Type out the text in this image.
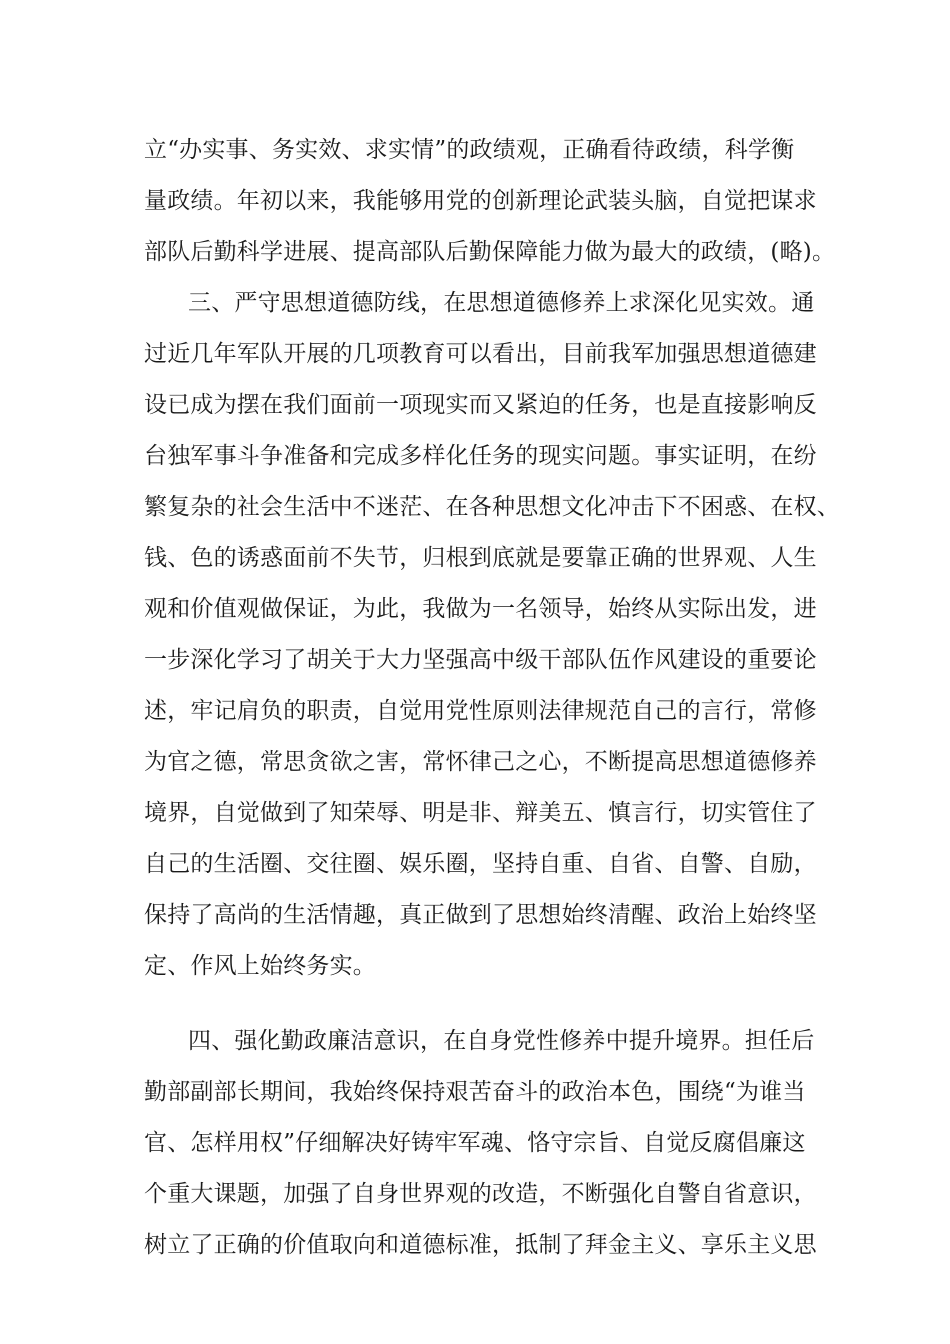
立“办实事、务实效、求实情”的政绩观，正确看待政绩，科学衡
量政绩。年初以来，我能够用党的创新理论武装头脑，自觉把谋求
部队后勤科学进展、提高部队后勤保障能力做为最大的政绩，(略)。
三、严守思想道德防线，在思想道德修养上求深化见实效。通
过近几年军队开展的几项教育可以看出，目前我军加强思想道德建
设已成为摆在我们面前一项现实而又紧迫的任务，也是直接影响反
台独军事斗争准备和完成多样化任务的现实问题。事实证明，在纷
繁复杂的社会生活中不迷茫、在各种思想文化冲击下不困惑、在权、
钱、色的诱惑面前不失节，归根到底就是要靠正确的世界观、人生
观和价值观做保证，为此，我做为一名领导，始终从实际出发，进
一步深化学习了胡关于大力坚强高中级干部队伍作风建设的重要论
述，牢记肩负的职责，自觉用党性原则法律规范自己的言行，常修
为官之德，常思贪欲之害，常怀律己之心，不断提高思想道德修养
境界，自觉做到了知荣辱、明是非、辩美五、慎言行，切实管住了
自己的生活圈、交往圈、娱乐圈，坚持自重、自省、自警、自励，
保持了高尚的生活情趣，真正做到了思想始终清醒、政治上始终坚
定、作风上始终务实。
四、强化勤政廉洁意识，在自身党性修养中提升境界。担任后
勤部副部长期间，我始终保持艰苦奋斗的政治本色，围绕“为谁当
官、怎样用权”仔细解决好铸牢军魂、恪守宗旨、自觉反腐倡廉这
个重大课题，加强了自身世界观的改造，不断强化自警自省意识，
树立了正确的价值取向和道德标准，抵制了拜金主义、享乐主义思
